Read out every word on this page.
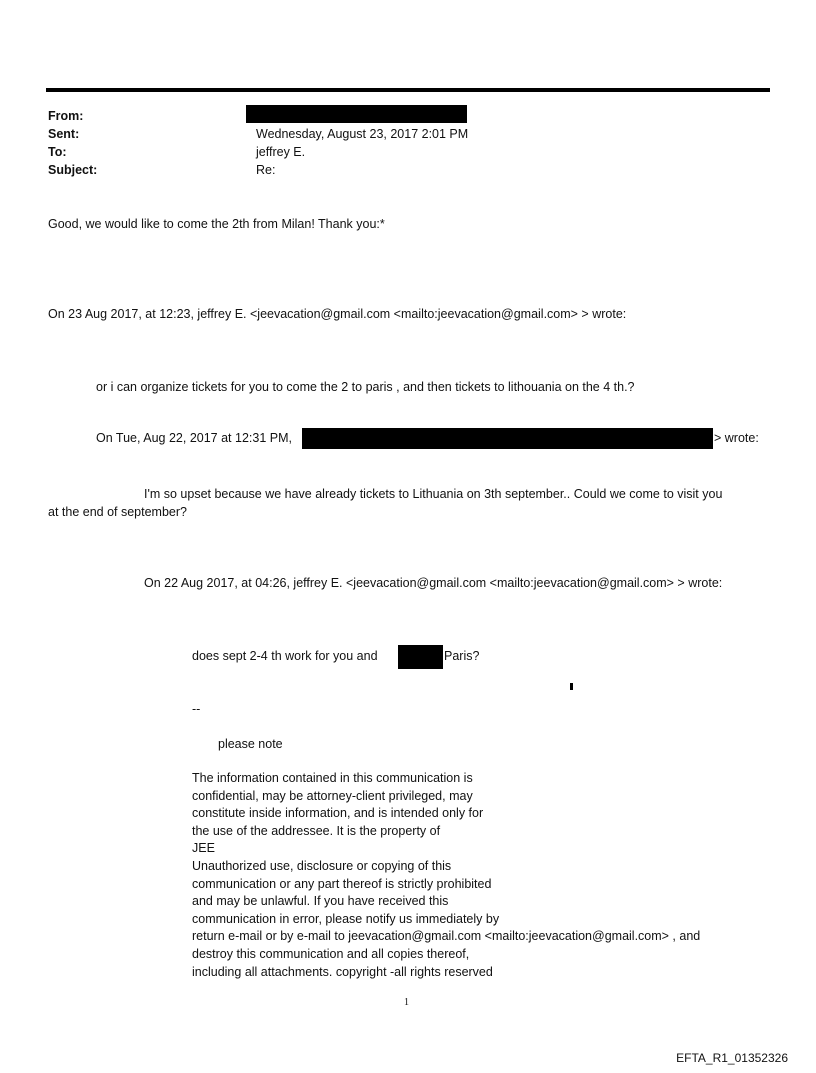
From:
Sent:
To:
Subject:
Wednesday, August 23, 2017 2:01 PM
jeffrey E.
Re:
Good, we would like to come the 2th from Milan! Thank you:*
On 23 Aug 2017, at 12:23, jeffrey E. <jeevacation@gmail.com <mailto:jeevacation@gmail.com> > wrote:
or i can organize tickets for you to come the 2 to paris , and then tickets to lithouania on the 4 th.?
On Tue, Aug 22, 2017 at 12:31 PM,	> wrote:
I'm so upset because we have already tickets to Lithuania on 3th september.. Could we come to visit you
at the end of september?
On 22 Aug 2017, at 04:26, jeffrey E. <jeevacation@gmail.com <mailto:jeevacation@gmail.com> > wrote:
does sept 2-4 th work for you and	Paris?
--
please note
The information contained in this communication is
confidential, may be attorney-client privileged, may
constitute inside information, and is intended only for
the use of the addressee. It is the property of
JEE
Unauthorized use, disclosure or copying of this
communication or any part thereof is strictly prohibited
and may be unlawful. If you have received this
communication in error, please notify us immediately by
return e-mail or by e-mail to jeevacation@gmail.com <mailto:jeevacation@gmail.com> , and
destroy this communication and all copies thereof,
including all attachments. copyright -all rights reserved
1
EFTA_R1_01352326
